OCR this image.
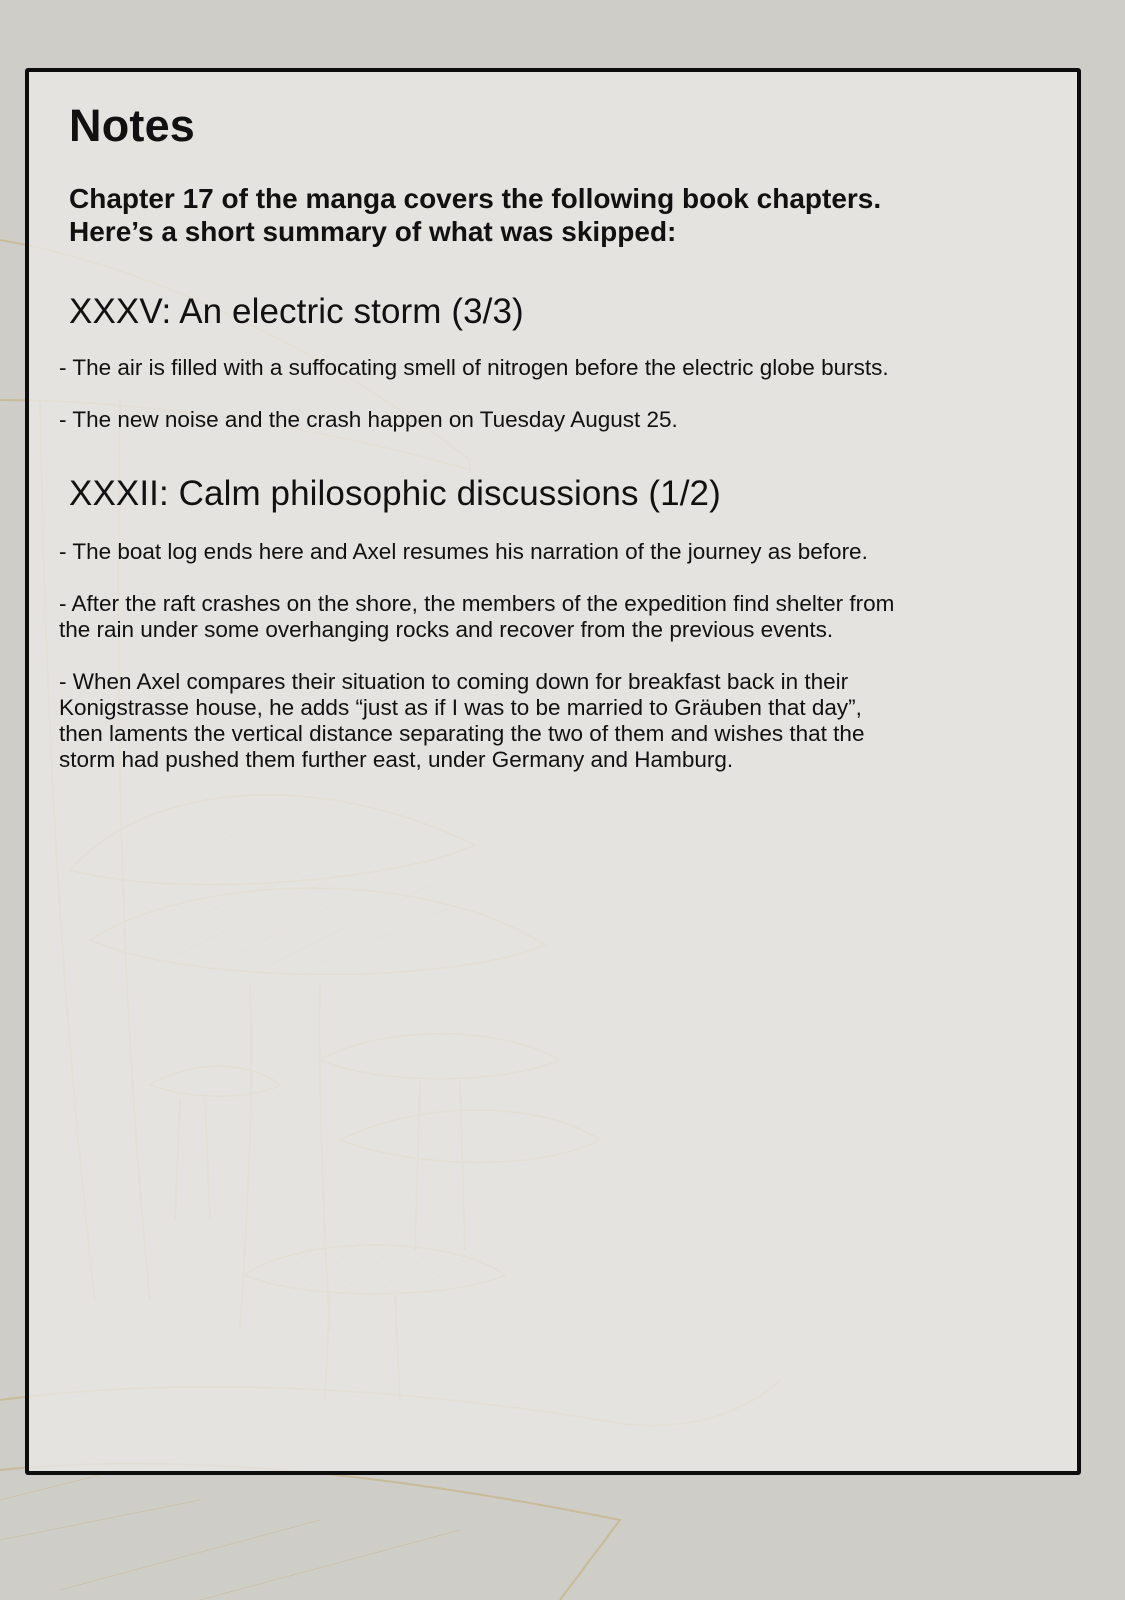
Notes
Chapter 17 of the manga covers the following book chapters.
Here’s a short summary of what was skipped:
XXXV: An electric storm (3/3)

- The air is filled with a suffocating smell of nitrogen before the electric globe bursts.

- The new noise and the crash happen on Tuesday August 25.

XXXII: Calm philosophic discussions (1/2)

- The boat log ends here and Axel resumes his narration of the journey as before.

- After the raft crashes on the shore, the members of the expedition find shelter from
the rain under some overhanging rocks and recover from the previous events.

- When Axel compares their situation to coming down for breakfast back in their
Konigstrasse house, he adds “just as if I was to be married to Gräuben that day”,
then laments the vertical distance separating the two of them and wishes that the
storm had pushed them further east, under Germany and Hamburg.
